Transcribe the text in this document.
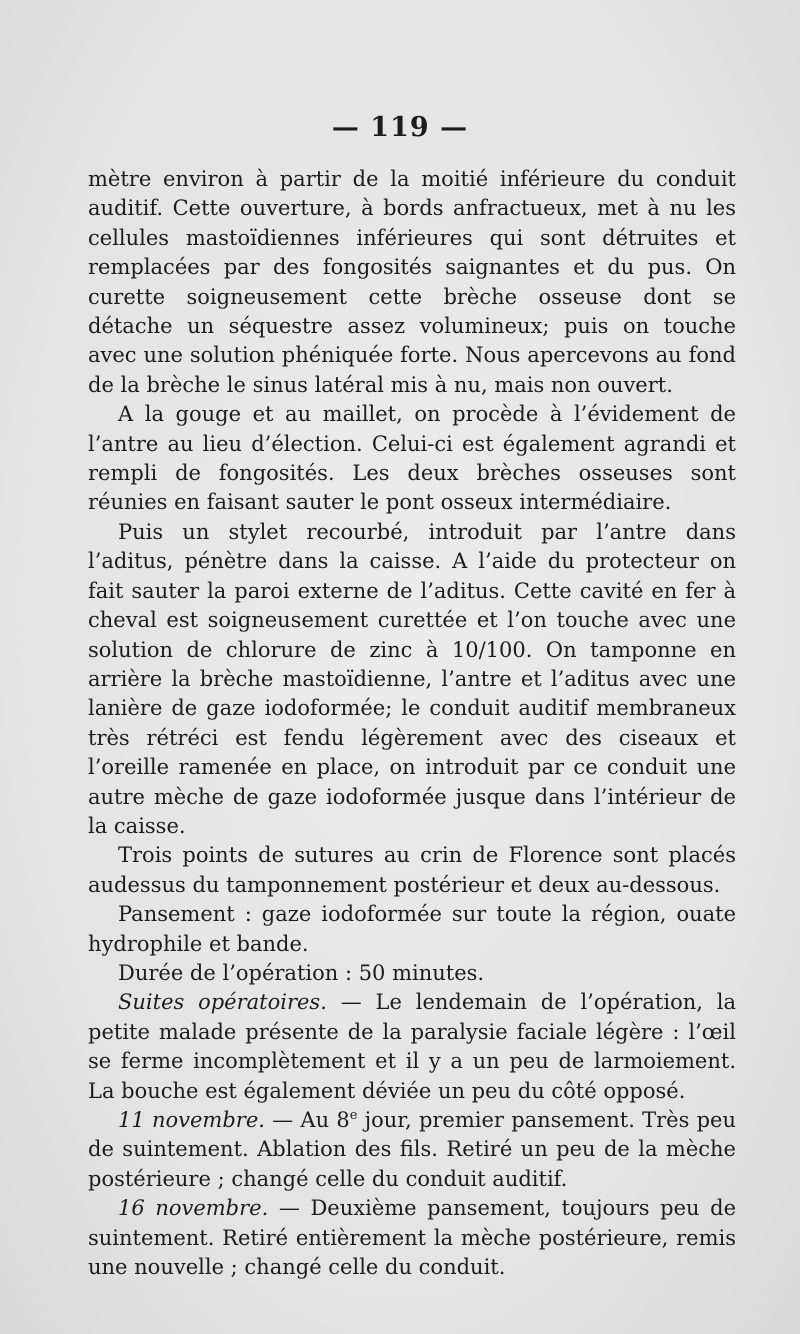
— 119 —

mètre environ à partir de la moitié inférieure du conduit auditif. Cette ouverture, à bords anfractueux, met à nu les cellules mastoïdiennes inférieures qui sont détruites et remplacées par des fongosités saignantes et du pus. On curette soigneusement cette brèche osseuse dont se détache un séquestre assez volumineux; puis on touche avec une solution phéniquée forte. Nous apercevons au fond de la brèche le sinus latéral mis à nu, mais non ouvert.

A la gouge et au maillet, on procède à l’évidement de l’antre au lieu d’élection. Celui-ci est également agrandi et rempli de fongosités. Les deux brèches osseuses sont réunies en faisant sauter le pont osseux intermédiaire.

Puis un stylet recourbé, introduit par l’antre dans l’aditus, pénètre dans la caisse. A l’aide du protecteur on fait sauter la paroi externe de l’aditus. Cette cavité en fer à cheval est soigneusement curettée et l’on touche avec une solution de chlorure de zinc à 10/100. On tamponne en arrière la brèche mastoïdienne, l’antre et l’aditus avec une lanière de gaze iodoformée; le conduit auditif membraneux très rétréci est fendu légèrement avec des ciseaux et l’oreille ramenée en place, on introduit par ce conduit une autre mèche de gaze iodoformée jusque dans l’intérieur de la caisse.

Trois points de sutures au crin de Florence sont placés audessus du tamponnement postérieur et deux au-dessous.

Pansement : gaze iodoformée sur toute la région, ouate hydrophile et bande.

Durée de l’opération : 50 minutes.

Suites opératoires. — Le lendemain de l’opération, la petite malade présente de la paralysie faciale légère : l’œil se ferme incomplètement et il y a un peu de larmoiement. La bouche est également déviée un peu du côté opposé.

11 novembre. — Au 8e jour, premier pansement. Très peu de suintement. Ablation des fils. Retiré un peu de la mèche postérieure ; changé celle du conduit auditif.

16 novembre. — Deuxième pansement, toujours peu de suintement. Retiré entièrement la mèche postérieure, remis une nouvelle ; changé celle du conduit.
